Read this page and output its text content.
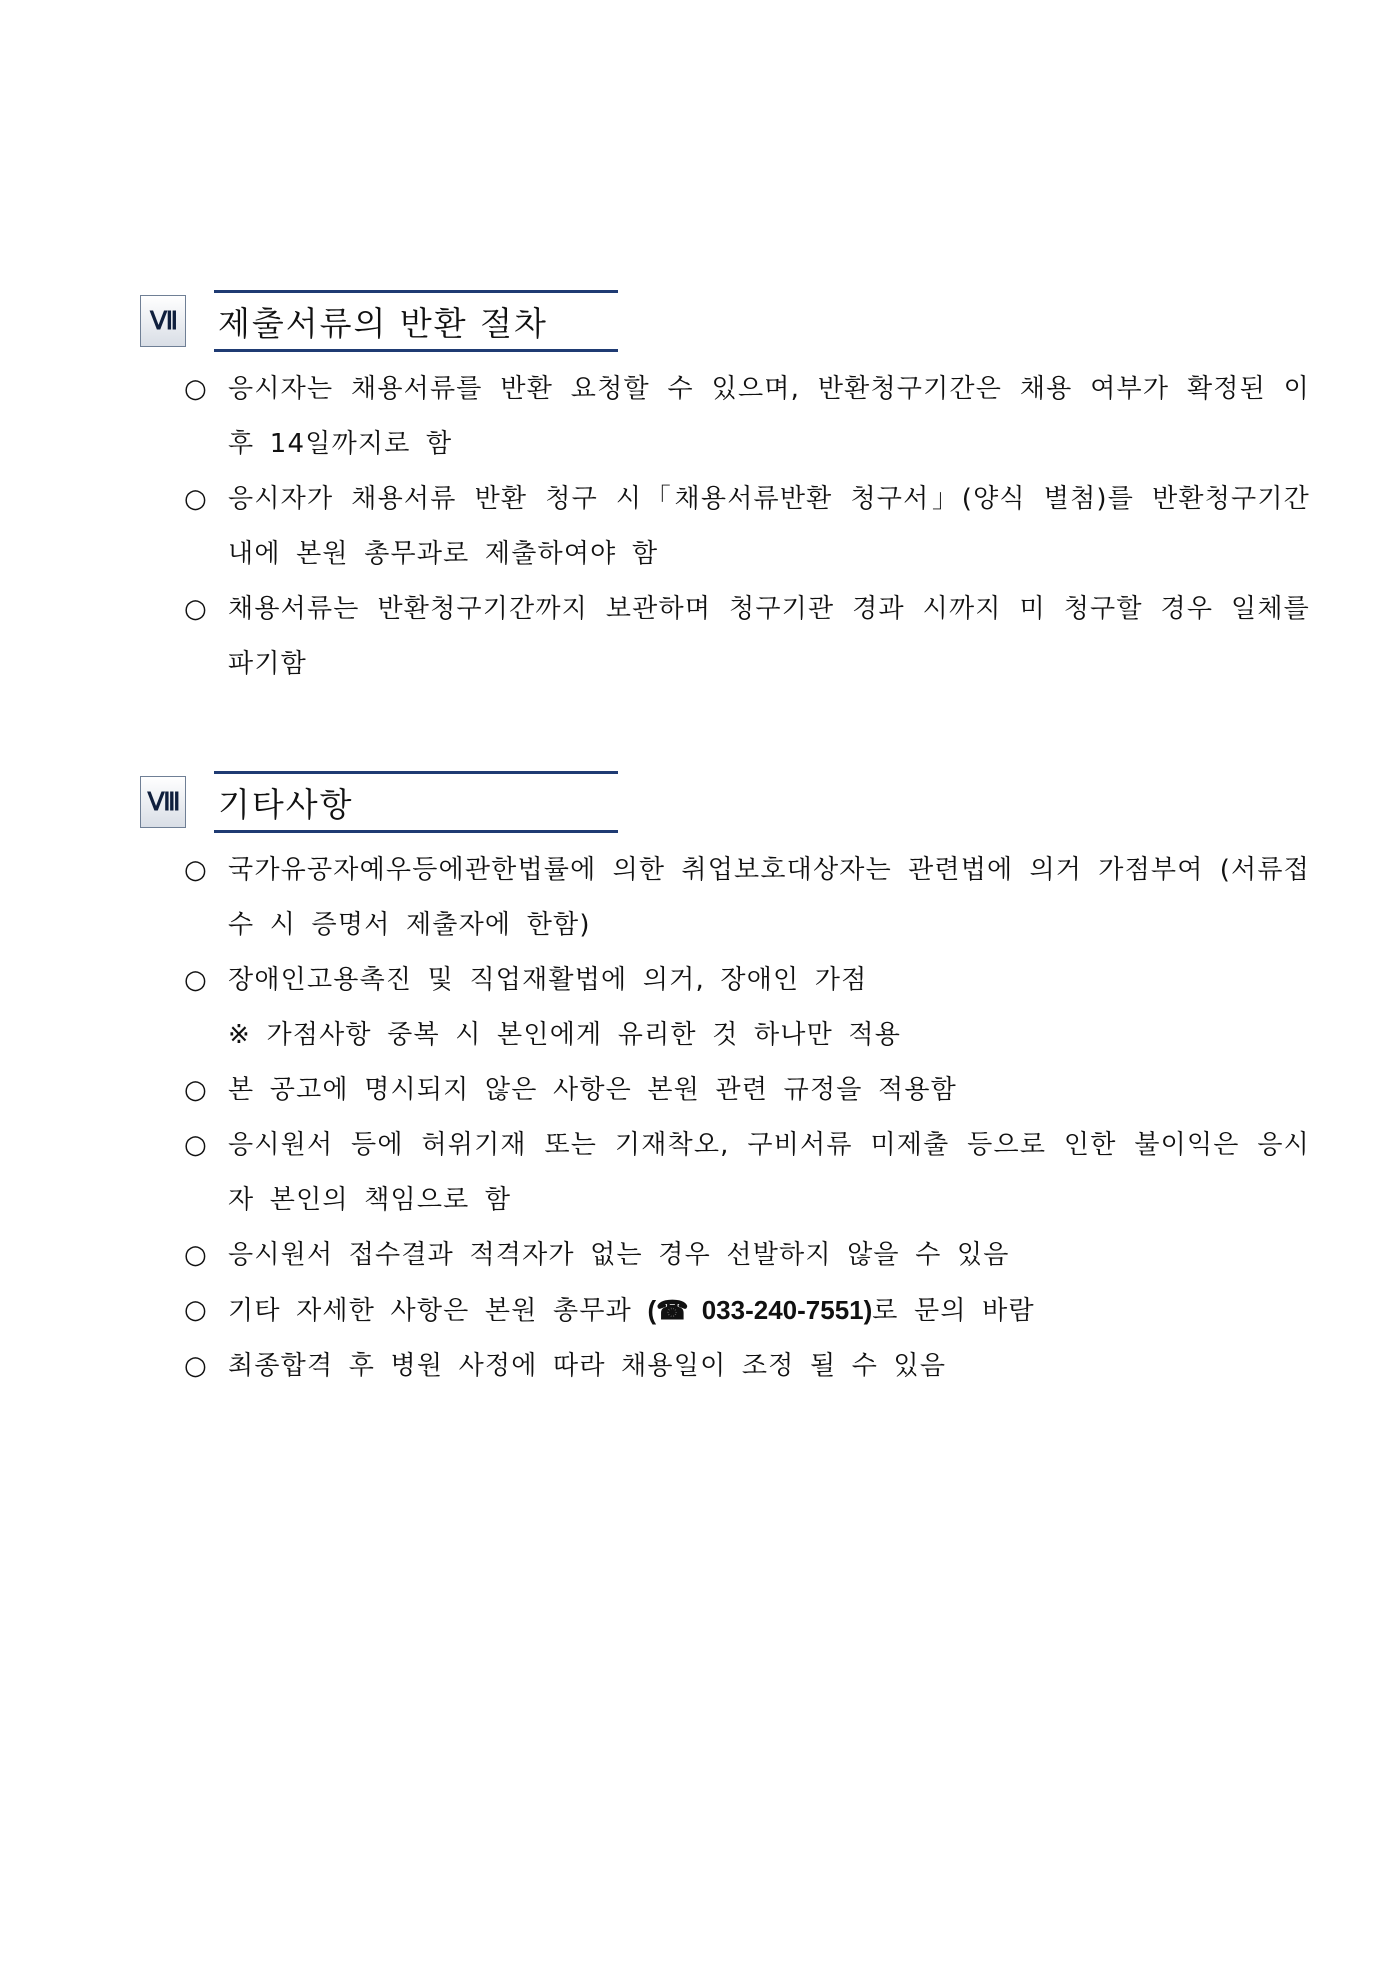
Ⅶ	제출서류의 반환 절차
○ 응시자는 채용서류를 반환 요청할 수 있으며, 반환청구기간은 채용 여부가 확정된 이후 14일까지로 함
○ 응시자가 채용서류 반환 청구 시「채용서류반환 청구서」(양식 별첨)를 반환청구기간 내에 본원 총무과로 제출하여야 함
○ 채용서류는 반환청구기간까지 보관하며 청구기관 경과 시까지 미 청구할 경우 일체를 파기함
Ⅷ 기타사항
○ 국가유공자예우등에관한법률에 의한 취업보호대상자는 관련법에 의거 가점부여 (서류접수 시 증명서 제출자에 한함)
○ 장애인고용촉진 및 직업재활법에 의거, 장애인 가점
※ 가점사항 중복 시 본인에게 유리한 것 하나만 적용
○ 본 공고에 명시되지 않은 사항은 본원 관련 규정을 적용함
○ 응시원서 등에 허위기재 또는 기재착오, 구비서류 미제출 등으로 인한 불이익은 응시자 본인의 책임으로 함
○ 응시원서 접수결과 적격자가 없는 경우 선발하지 않을 수 있음
○ 기타 자세한 사항은 본원 총무과 (☎ 033-240-7551)로 문의 바람
○ 최종합격 후 병원 사정에 따라 채용일이 조정 될 수 있음
